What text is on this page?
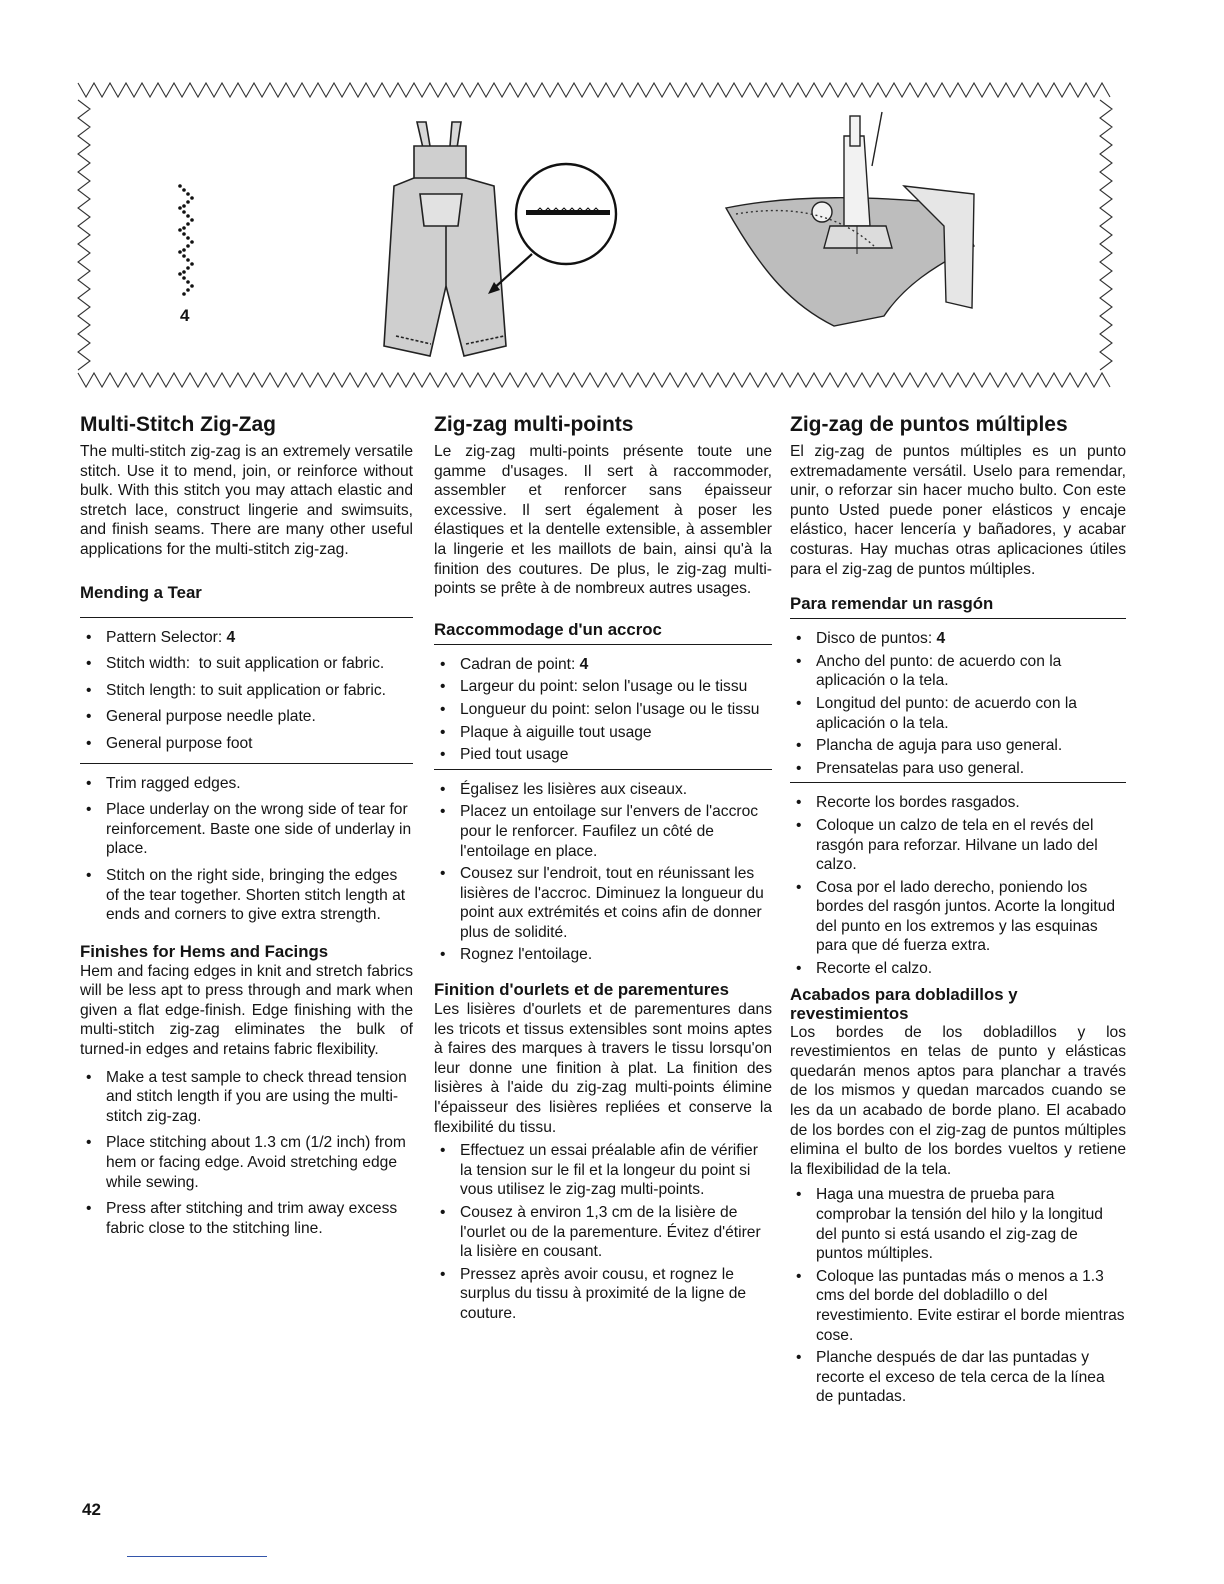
4
Multi-Stitch Zig-Zag

The multi-stitch zig-zag is an extremely versatile stitch. Use it to mend, join, or reinforce without bulk. With this stitch you may attach elastic and stretch lace, construct lingerie and swimsuits, and finish seams. There are many other useful applications for the multi-stitch zig-zag.

Mending a Tear
• Pattern Selector: 4
• Stitch width: to suit application or fabric.
• Stitch length: to suit application or fabric.
• General purpose needle plate.
• General purpose foot
• Trim ragged edges.
• Place underlay on the wrong side of tear for reinforcement. Baste one side of underlay in place.
• Stitch on the right side, bringing the edges of the tear together. Shorten stitch length at ends and corners to give extra strength.
Finishes for Hems and Facings

Hem and facing edges in knit and stretch fabrics will be less apt to press through and mark when given a flat edge-finish. Edge finishing with the multi-stitch zig-zag eliminates the bulk of turned-in edges and retains fabric flexibility.

• Make a test sample to check thread tension and stitch length if you are using the multi-stitch zig-zag.
• Place stitching about 1.3 cm (1/2 inch) from hem or facing edge. Avoid stretching edge while sewing.
• Press after stitching and trim away excess fabric close to the stitching line.
Zig-zag multi-points

Le zig-zag multi-points présente toute une gamme d'usages. Il sert à raccommoder, assembler et renforcer sans épaisseur excessive. Il sert également à poser les élastiques et la dentelle extensible, à assembler la lingerie et les maillots de bain, ainsi qu'à la finition des coutures. De plus, le zig-zag multi-points se prête à de nombreux autres usages.

Raccommodage d'un accroc
• Cadran de point: 4
• Largeur du point: selon l'usage ou le tissu
• Longueur du point: selon l'usage ou le tissu
• Plaque à aiguille tout usage
• Pied tout usage
• Égalisez les lisières aux ciseaux.
• Placez un entoilage sur l'envers de l'accroc pour le renforcer. Faufilez un côté de l'entoilage en place.
• Cousez sur l'endroit, tout en réunissant les lisières de l'accroc. Diminuez la longueur du point aux extrémités et coins afin de donner plus de solidité.
• Rognez l'entoilage.
Finition d'ourlets et de parementures

Les lisières d'ourlets et de parementures dans les tricots et tissus extensibles sont moins aptes à faires des marques à travers le tissu lorsqu'on leur donne une finition à plat. La finition des lisières à l'aide du zig-zag multi-points élimine l'épaisseur des lisières repliées et conserve la flexibilité du tissu.

• Effectuez un essai préalable afin de vérifier la tension sur le fil et la longeur du point si vous utilisez le zig-zag multi-points.
• Cousez à environ 1,3 cm de la lisière de l'ourlet ou de la parementure. Évitez d'étirer la lisière en cousant.
• Pressez après avoir cousu, et rognez le surplus du tissu à proximité de la ligne de couture.
Zig-zag de puntos múltiples

El zig-zag de puntos múltiples es un punto extremadamente versátil. Uselo para remendar, unir, o reforzar sin hacer mucho bulto. Con este punto Usted puede poner elásticos y encaje elástico, hacer lencería y bañadores, y acabar costuras. Hay muchas otras aplicaciones útiles para el zig-zag de puntos múltiples.

Para remendar un rasgón
• Disco de puntos: 4
• Ancho del punto: de acuerdo con la aplicación o la tela.
• Longitud del punto: de acuerdo con la aplicación o la tela.
• Plancha de aguja para uso general.
• Prensatelas para uso general.
• Recorte los bordes rasgados.
• Coloque un calzo de tela en el revés del rasgón para reforzar. Hilvane un lado del calzo.
• Cosa por el lado derecho, poniendo los bordes del rasgón juntos. Acorte la longitud del punto en los extremos y las esquinas para que dé fuerza extra.
• Recorte el calzo.
Acabados para dobladillos y revestimientos

Los bordes de los dobladillos y los revestimientos en telas de punto y elásticas quedarán menos aptos para planchar a través de los mismos y quedan marcados cuando se les da un acabado de borde plano. El acabado de los bordes con el zig-zag de puntos múltiples elimina el bulto de los bordes vueltos y retiene la flexibilidad de la tela.

• Haga una muestra de prueba para comprobar la tensión del hilo y la longitud del punto si está usando el zig-zag de puntos múltiples.
• Coloque las puntadas más o menos a 1.3 cms del borde del dobladillo o del revestimiento. Evite estirar el borde mientras cose.
• Planche después de dar las puntadas y recorte el exceso de tela cerca de la línea de puntadas.
42
